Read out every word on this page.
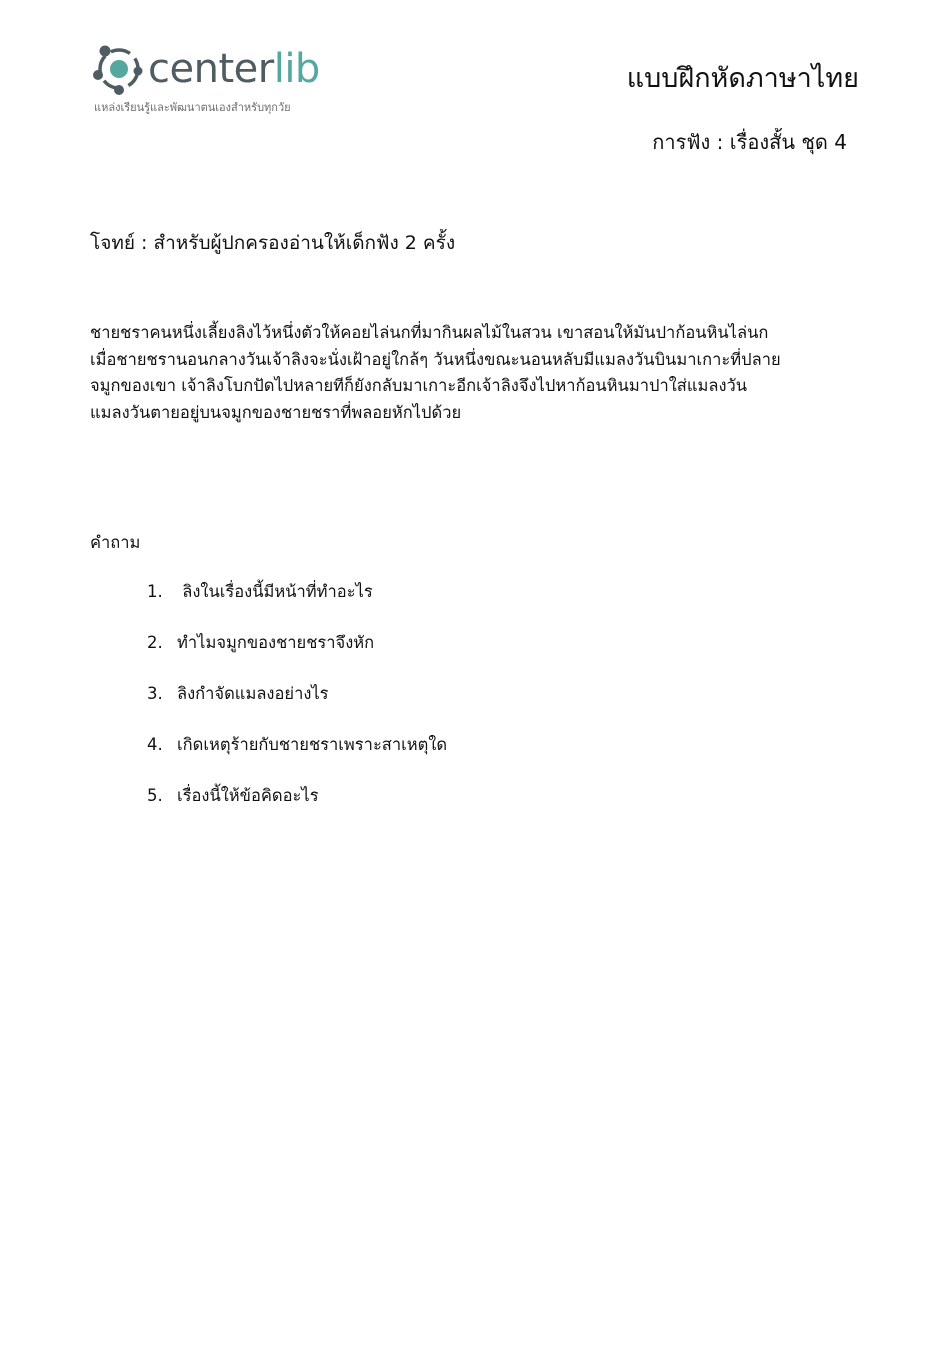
centerlib
แหล่งเรียนรู้และพัฒนาตนเองสำหรับทุกวัย
แบบฝึกหัดภาษาไทย
การฟัง : เรื่องสั้น ชุด 4
โจทย์ : สำหรับผู้ปกครองอ่านให้เด็กฟัง 2 ครั้ง
ชายชราคนหนึ่งเลี้ยงลิงไว้หนึ่งตัวให้คอยไล่นกที่มากินผลไม้ในสวน เขาสอนให้มันปาก้อนหินไล่นก
เมื่อชายชรานอนกลางวันเจ้าลิงจะนั่งเฝ้าอยู่ใกล้ๆ วันหนึ่งขณะนอนหลับมีแมลงวันบินมาเกาะที่ปลาย
จมูกของเขา เจ้าลิงโบกปัดไปหลายทีก็ยังกลับมาเกาะอีกเจ้าลิงจึงไปหาก้อนหินมาปาใส่แมลงวัน
แมลงวันตายอยู่บนจมูกของชายชราที่พลอยหักไปด้วย
คำถาม
1. ลิงในเรื่องนี้มีหน้าที่ทำอะไร
2. ทำไมจมูกของชายชราจึงหัก
3. ลิงกำจัดแมลงอย่างไร
4. เกิดเหตุร้ายกับชายชราเพราะสาเหตุใด
5. เรื่องนี้ให้ข้อคิดอะไร
